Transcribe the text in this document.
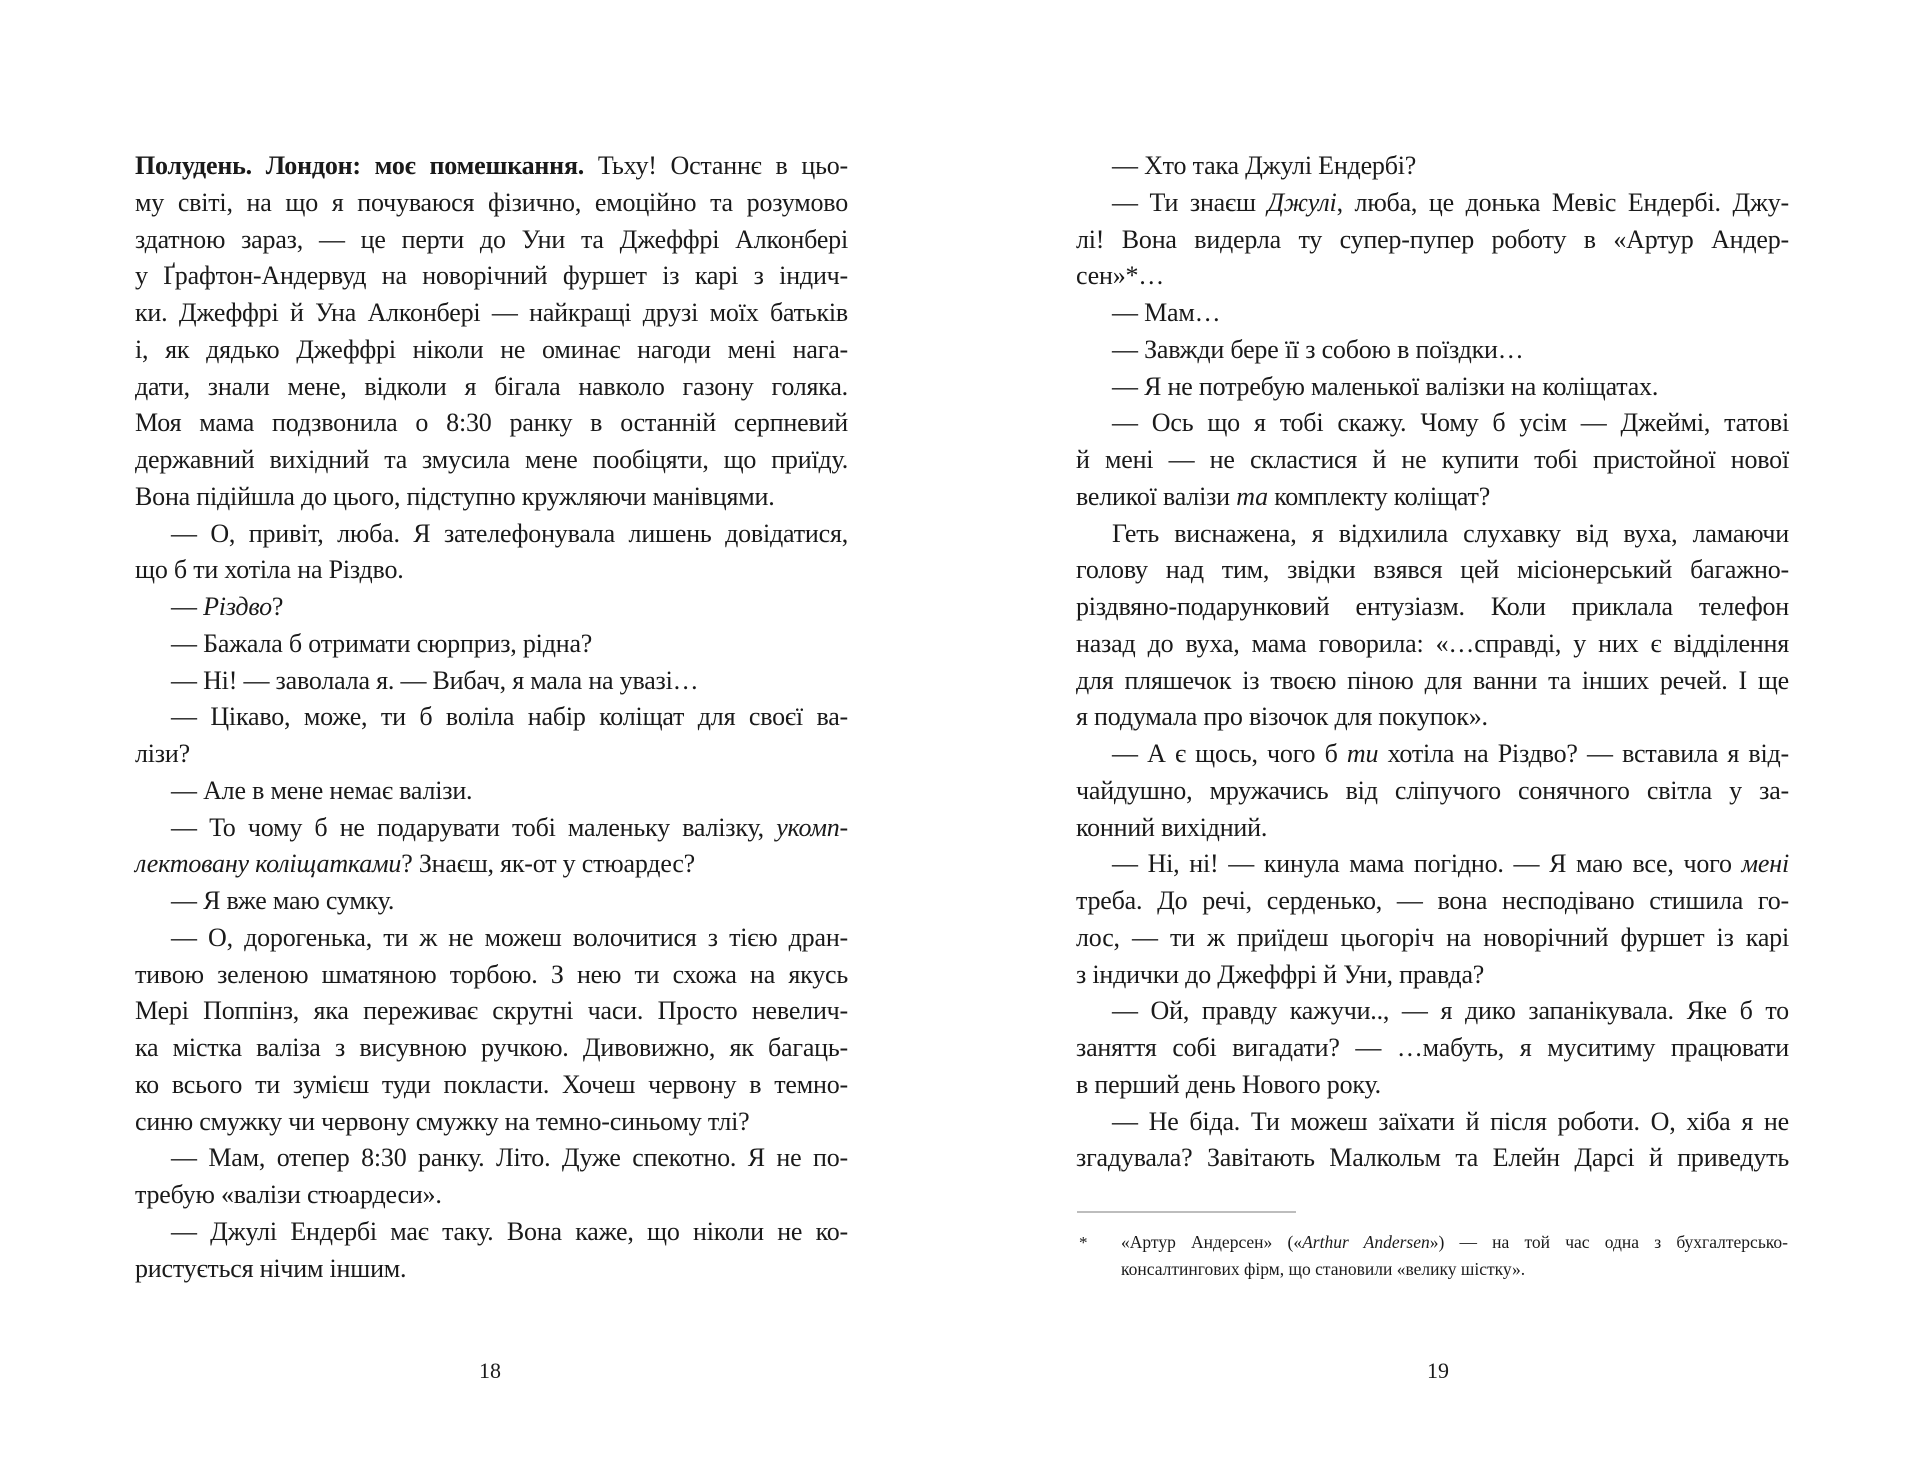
Полудень. Лондон: моє помешкання. Тьху! Останнє в цьо-
му світі, на що я почуваюся фізично, емоційно та розумово
здатною зараз, — це перти до Уни та Джеффрі Алконбері
у Ґрафтон-Андервуд на новорічний фуршет із карі з індич-
ки. Джеффрі й Уна Алконбері — найкращі друзі моїх батьків
і, як дядько Джеффрі ніколи не оминає нагоди мені нага-
дати, знали мене, відколи я бігала навколо газону голяка.
Моя мама подзвонила о 8:30 ранку в останній серпневий
державний вихідний та змусила мене пообіцяти, що приїду.
Вона підійшла до цього, підступно кружляючи манівцями.
— О, привіт, люба. Я зателефонувала лишень довідатися,
що б ти хотіла на Різдво.
— Різдво?
— Бажала б отримати сюрприз, рідна?
— Ні! — заволала я. — Вибач, я мала на увазі…
— Цікаво, може, ти б воліла набір коліщат для своєї ва-
лізи?
— Але в мене немає валізи.
— То чому б не подарувати тобі маленьку валізку, укомп-
лектовану коліщатками? Знаєш, як-от у стюардес?
— Я вже маю сумку.
— О, дорогенька, ти ж не можеш волочитися з тією дран-
тивою зеленою шматяною торбою. З нею ти схожа на якусь
Мері Поппінз, яка переживає скрутні часи. Просто невелич-
ка містка валіза з висувною ручкою. Дивовижно, як багаць-
ко всього ти зумієш туди покласти. Хочеш червону в темно-
синю смужку чи червону смужку на темно-синьому тлі?
— Мам, отепер 8:30 ранку. Літо. Дуже спекотно. Я не по-
требую «валізи стюардеси».
— Джулі Ендербі має таку. Вона каже, що ніколи не ко-
ристується нічим іншим.
18
— Хто така Джулі Ендербі?
— Ти знаєш Джулі, люба, це донька Мевіс Ендербі. Джу-
лі! Вона видерла ту супер-пупер роботу в «Артур Андер-
сен»*…
— Мам…
— Завжди бере її з собою в поїздки…
— Я не потребую маленької валізки на коліщатах.
— Ось що я тобі скажу. Чому б усім — Джеймі, татові
й мені — не скластися й не купити тобі пристойної нової
великої валізи та комплекту коліщат?
Геть виснажена, я відхилила слухавку від вуха, ламаючи
голову над тим, звідки взявся цей місіонерський багажно-
різдвяно-подарунковий ентузіазм. Коли приклала телефон
назад до вуха, мама говорила: «…справді, у них є відділення
для пляшечок із твоєю піною для ванни та інших речей. І ще
я подумала про візочок для покупок».
— А є щось, чого б ти хотіла на Різдво? — вставила я від-
чайдушно, мружачись від сліпучого сонячного світла у за-
конний вихідний.
— Ні, ні! — кинула мама погідно. — Я маю все, чого мені
треба. До речі, серденько, — вона несподівано стишила го-
лос, — ти ж приїдеш цьогоріч на новорічний фуршет із карі
з індички до Джеффрі й Уни, правда?
— Ой, правду кажучи.., — я дико запанікувала. Яке б то
заняття собі вигадати? — …мабуть, я муситиму працювати
в перший день Нового року.
— Не біда. Ти можеш заїхати й після роботи. О, хіба я не
згадувала? Завітають Малкольм та Елейн Дарсі й приведуть
* «Артур Андерсен» («Arthur Andersen») — на той час одна з бухгалтерсько-
консалтингових фірм, що становили «велику шістку».
19
